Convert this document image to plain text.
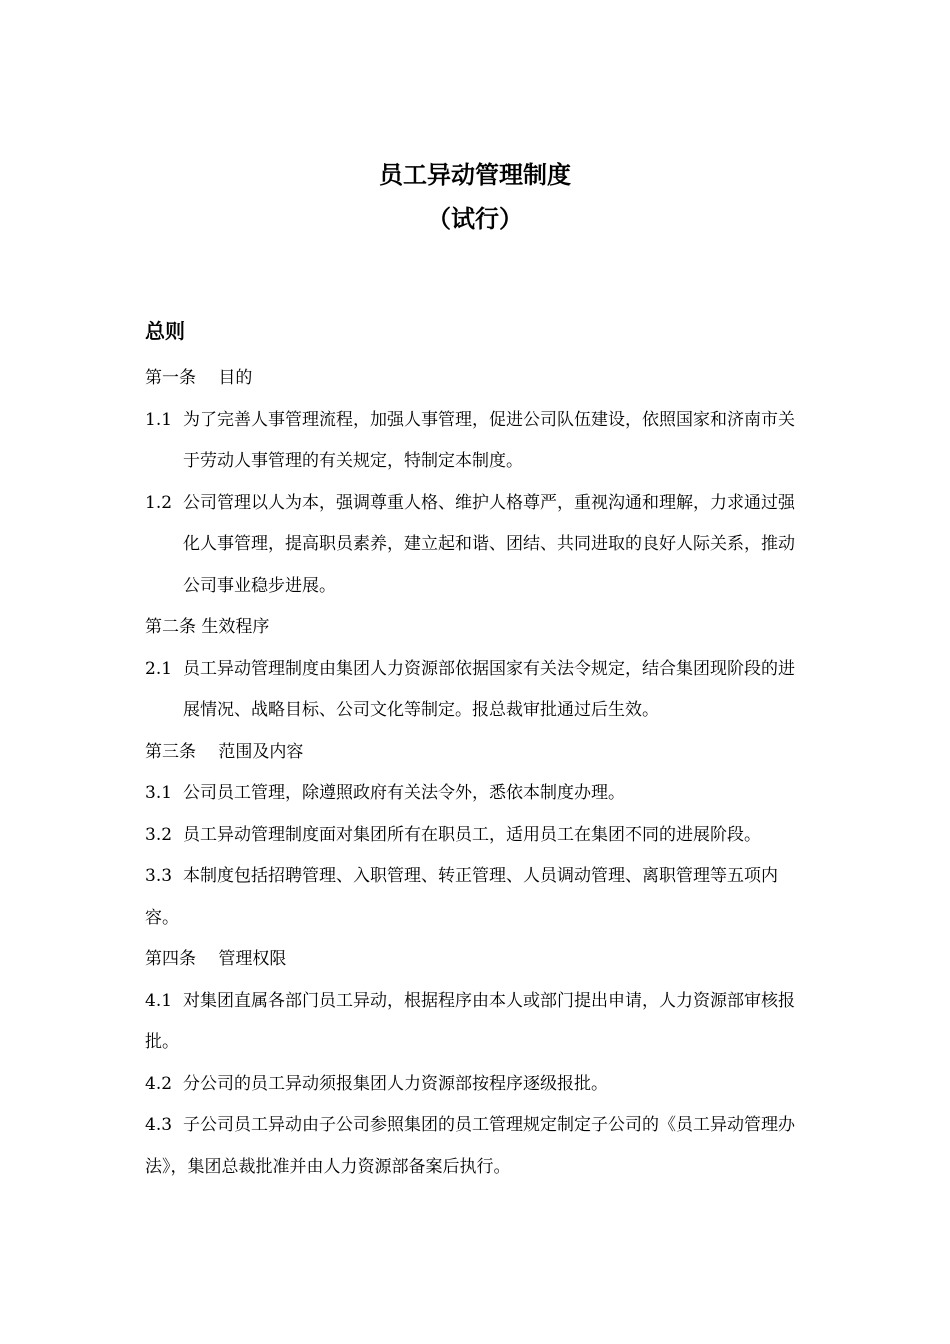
员工异动管理制度
（试行）
总则

第一条　 目的

1.1 为了完善人事管理流程，加强人事管理，促进公司队伍建设，依照国家和济南市关于劳动人事管理的有关规定，特制定本制度。

1.2 公司管理以人为本，强调尊重人格、维护人格尊严，重视沟通和理解，力求通过强化人事管理，提高职员素养，建立起和谐、团结、共同进取的良好人际关系，推动公司事业稳步进展。

第二条 生效程序

2.1 员工异动管理制度由集团人力资源部依据国家有关法令规定，结合集团现阶段的进展情况、战略目标、公司文化等制定。报总裁审批通过后生效。

第三条　 范围及内容

3.1 公司员工管理，除遵照政府有关法令外，悉依本制度办理。

3.2 员工异动管理制度面对集团所有在职员工，适用员工在集团不同的进展阶段。

3.3 本制度包括招聘管理、入职管理、转正管理、人员调动管理、离职管理等五项内容。

第四条　 管理权限

4.1 对集团直属各部门员工异动，根据程序由本人或部门提出申请，人力资源部审核报批。

4.2 分公司的员工异动须报集团人力资源部按程序逐级报批。

4.3 子公司员工异动由子公司参照集团的员工管理规定制定子公司的《员工异动管理办法》，集团总裁批准并由人力资源部备案后执行。
